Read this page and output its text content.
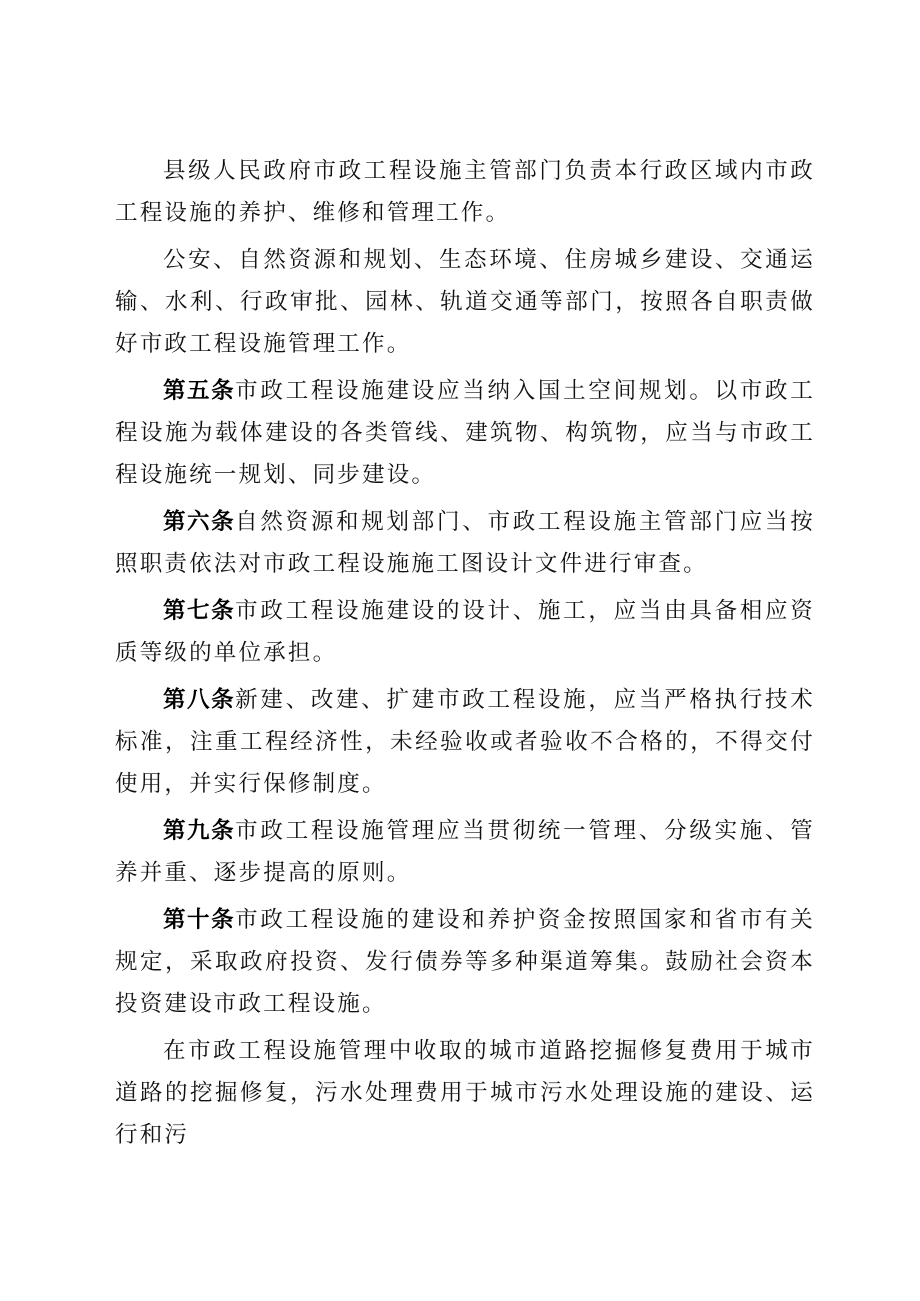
县级人民政府市政工程设施主管部门负责本行政区域内市政工程设施的养护、维修和管理工作。

公安、自然资源和规划、生态环境、住房城乡建设、交通运输、水利、行政审批、园林、轨道交通等部门，按照各自职责做好市政工程设施管理工作。

第五条市政工程设施建设应当纳入国土空间规划。以市政工程设施为载体建设的各类管线、建筑物、构筑物，应当与市政工程设施统一规划、同步建设。

第六条自然资源和规划部门、市政工程设施主管部门应当按照职责依法对市政工程设施施工图设计文件进行审查。

第七条市政工程设施建设的设计、施工，应当由具备相应资质等级的单位承担。

第八条新建、改建、扩建市政工程设施，应当严格执行技术标准，注重工程经济性，未经验收或者验收不合格的，不得交付使用，并实行保修制度。

第九条市政工程设施管理应当贯彻统一管理、分级实施、管养并重、逐步提高的原则。

第十条市政工程设施的建设和养护资金按照国家和省市有关规定，采取政府投资、发行债券等多种渠道筹集。鼓励社会资本投资建设市政工程设施。

在市政工程设施管理中收取的城市道路挖掘修复费用于城市道路的挖掘修复，污水处理费用于城市污水处理设施的建设、运行和污
